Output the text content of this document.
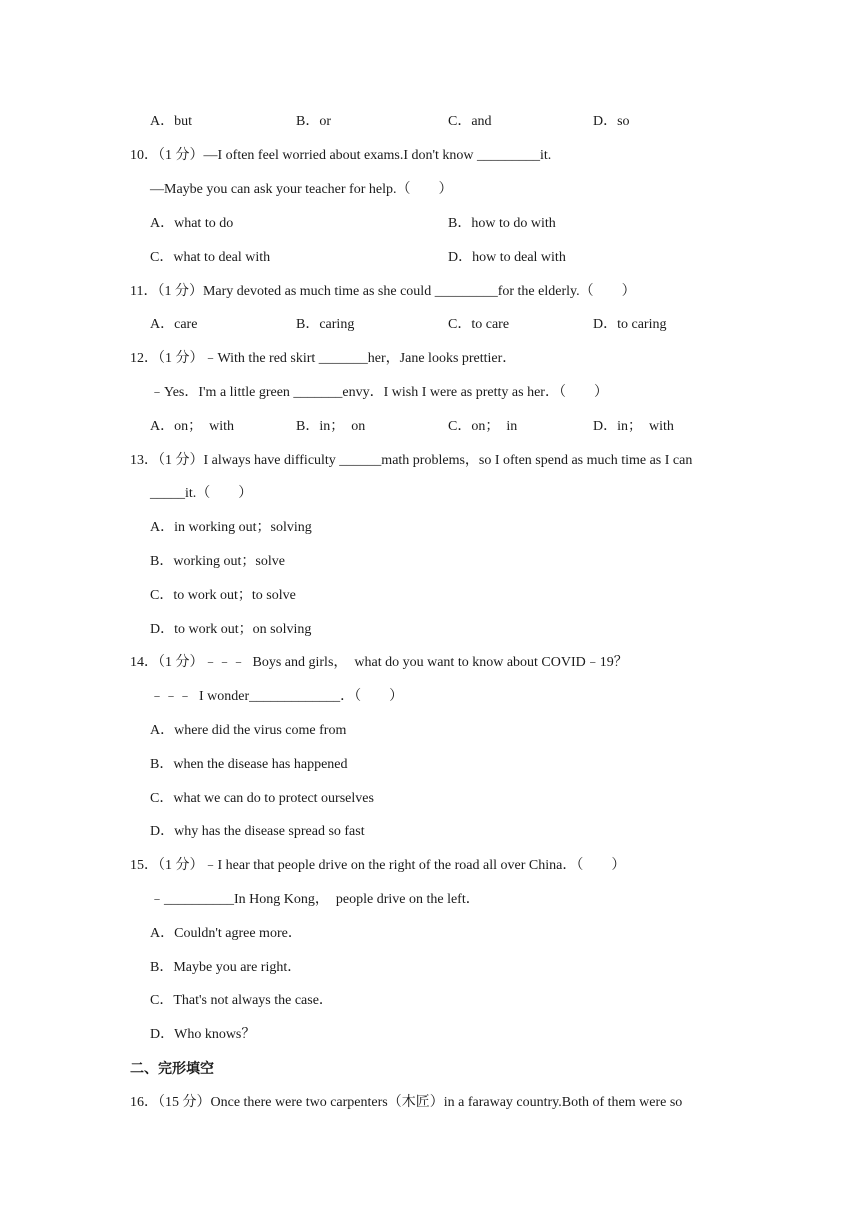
A．but	B．or	C．and	D．so
10．（1 分）—I often feel worried about exams.I don't know _________it.
—Maybe you can ask your teacher for help.（　　）
A．what to do	B．how to do with
C．what to deal with	D．how to deal with
11．（1 分）Mary devoted as much time as she could _________for the elderly.（　　）
A．care	B．caring	C．to care	D．to caring
12．（1 分）﹣With the red skirt _______her，Jane looks prettier．
﹣Yes．I'm a little green _______envy．I wish I were as pretty as her．（　　）
A．on；  with	B．in；  on	C．on；  in	D．in；  with
13．（1 分）I always have difficulty ______math problems，so I often spend as much time as I can
_____it.（　　）
A．in working out；solving
B．working out；solve
C．to work out；to solve
D．to work out；on solving
14．（1 分）﹣﹣﹣  Boys and girls，  what do you want to know about COVID﹣19？
﹣﹣﹣  I wonder_____________．（　　）
A．where did the virus come from
B．when the disease has happened
C．what we can do to protect ourselves
D．why has the disease spread so fast
15．（1 分）﹣I hear that people drive on the right of the road all over China．（　　）
﹣__________In Hong Kong，  people drive on the left．
A．Couldn't agree more．
B．Maybe you are right．
C．That's not always the case．
D．Who knows？
二、完形填空
16．（15 分）Once there were two carpenters（木匠）in a faraway country.Both of them were so
